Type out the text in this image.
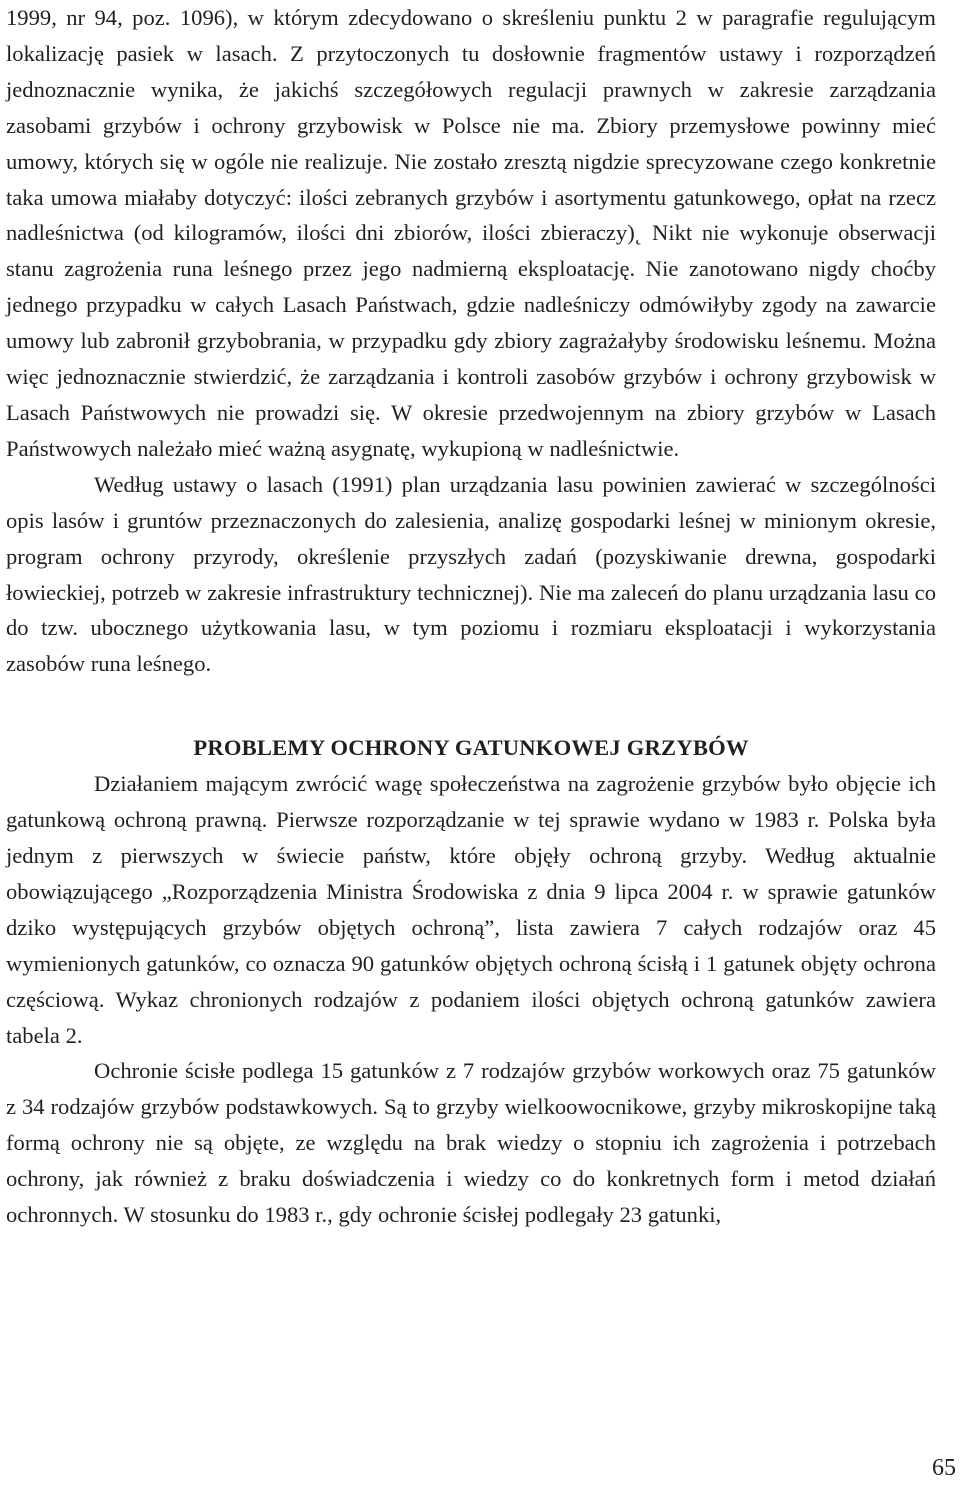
1999, nr 94, poz. 1096), w którym zdecydowano o skreśleniu punktu 2 w paragrafie regulującym lokalizację pasiek w lasach. Z przytoczonych tu dosłownie fragmentów ustawy i rozporządzeń jednoznacznie wynika, że jakichś szczegółowych regulacji prawnych w zakresie zarządzania zasobami grzybów i ochrony grzybowisk w Polsce nie ma. Zbiory przemysłowe powinny mieć umowy, których się w ogóle nie realizuje. Nie zostało zresztą nigdzie sprecyzowane czego konkretnie taka umowa miałaby dotyczyć: ilości zebranych grzybów i asortymentu gatunkowego, opłat na rzecz nadleśnictwa (od kilogramów, ilości dni zbiorów, ilości zbieraczy)˛ Nikt nie wykonuje obserwacji stanu zagrożenia runa leśnego przez jego nadmierną eksploatację. Nie zanotowano nigdy choćby jednego przypadku w całych Lasach Państwach, gdzie nadleśniczy odmówiłyby zgody na zawarcie umowy lub zabronił grzybobrania, w przypadku gdy zbiory zagrażałyby środowisku leśnemu. Można więc jednoznacznie stwierdzić, że zarządzania i kontroli zasobów grzybów i ochrony grzybowisk w Lasach Państwowych nie prowadzi się. W okresie przedwojennym na zbiory grzybów w Lasach Państwowych należało mieć ważną asygnatę, wykupioną w nadleśnictwie.

Według ustawy o lasach (1991) plan urządzania lasu powinien zawierać w szczególności opis lasów i gruntów przeznaczonych do zalesienia, analizę gospodarki leśnej w minionym okresie, program ochrony przyrody, określenie przyszłych zadań (pozyskiwanie drewna, gospodarki łowieckiej, potrzeb w zakresie infrastruktury technicznej). Nie ma zaleceń do planu urządzania lasu co do tzw. ubocznego użytkowania lasu, w tym poziomu i rozmiaru eksploatacji i wykorzystania zasobów runa leśnego.

PROBLEMY OCHRONY GATUNKOWEJ GRZYBÓW

Działaniem mającym zwrócić wagę społeczeństwa na zagrożenie grzybów było objęcie ich gatunkową ochroną prawną. Pierwsze rozporządzanie w tej sprawie wydano w 1983 r. Polska była jednym z pierwszych w świecie państw, które objęły ochroną grzyby. Według aktualnie obowiązującego „Rozporządzenia Ministra Środowiska z dnia 9 lipca 2004 r. w sprawie gatunków dziko występujących grzybów objętych ochroną”, lista zawiera 7 całych rodzajów oraz 45 wymienionych gatunków, co oznacza 90 gatunków objętych ochroną ścisłą i 1 gatunek objęty ochrona częściową. Wykaz chronionych rodzajów z podaniem ilości objętych ochroną gatunków zawiera tabela 2.

Ochronie ścisłe podlega 15 gatunków z 7 rodzajów grzybów workowych oraz 75 gatunków z 34 rodzajów grzybów podstawkowych. Są to grzyby wielkoowocnikowe, grzyby mikroskopijne taką formą ochrony nie są objęte, ze względu na brak wiedzy o stopniu ich zagrożenia i potrzebach ochrony, jak również z braku doświadczenia i wiedzy co do konkretnych form i metod działań ochronnych. W stosunku do 1983 r., gdy ochronie ścisłej podlegały 23 gatunki,

65
